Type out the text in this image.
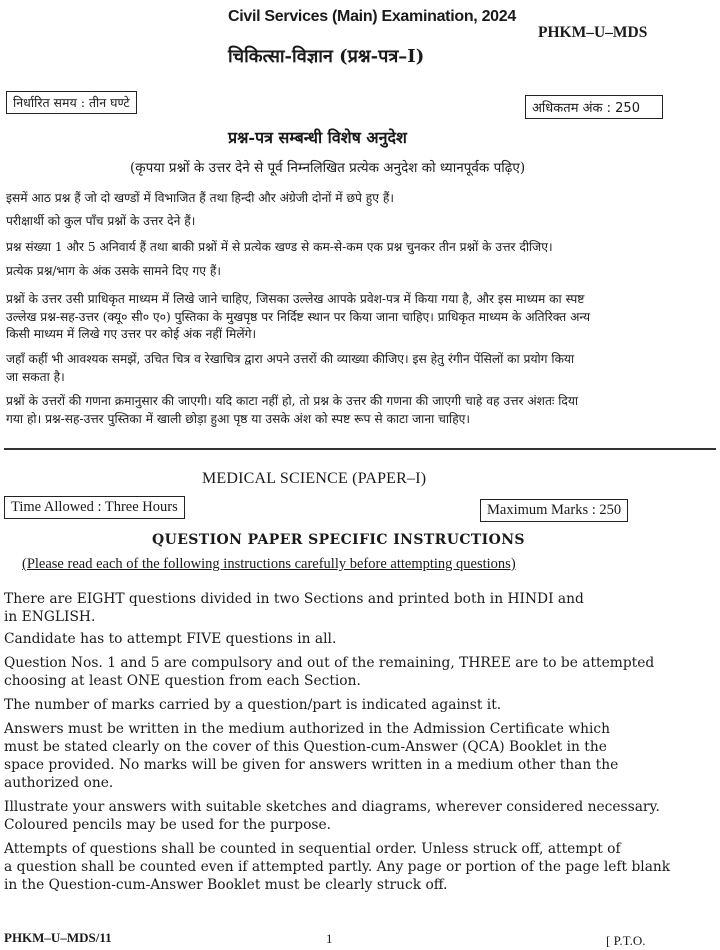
Civil Services (Main) Examination, 2024
PHKM–U–MDS
चिकित्सा-विज्ञान (प्रश्न-पत्र–I)
निर्धारित समय : तीन घण्टे	अधिकतम अंक : 250
प्रश्न-पत्र सम्बन्धी विशेष अनुदेश
(कृपया प्रश्नों के उत्तर देने से पूर्व निम्नलिखित प्रत्येक अनुदेश को ध्यानपूर्वक पढ़िए)
इसमें आठ प्रश्न हैं जो दो खण्डों में विभाजित हैं तथा हिन्दी और अंग्रेजी दोनों में छपे हुए हैं।
परीक्षार्थी को कुल पाँच प्रश्नों के उत्तर देने हैं।
प्रश्न संख्या 1 और 5 अनिवार्य हैं तथा बाकी प्रश्नों में से प्रत्येक खण्ड से कम-से-कम एक प्रश्न चुनकर तीन प्रश्नों के उत्तर दीजिए।
प्रत्येक प्रश्न/भाग के अंक उसके सामने दिए गए हैं।
प्रश्नों के उत्तर उसी प्राधिकृत माध्यम में लिखे जाने चाहिए, जिसका उल्लेख आपके प्रवेश-पत्र में किया गया है, और इस माध्यम का स्पष्ट
उल्लेख प्रश्न-सह-उत्तर (क्यू० सी० ए०) पुस्तिका के मुखपृष्ठ पर निर्दिष्ट स्थान पर किया जाना चाहिए। प्राधिकृत माध्यम के अतिरिक्त अन्य
किसी माध्यम में लिखे गए उत्तर पर कोई अंक नहीं मिलेंगे।
जहाँ कहीं भी आवश्यक समझें, उचित चित्र व रेखाचित्र द्वारा अपने उत्तरों की व्याख्या कीजिए। इस हेतु रंगीन पेंसिलों का प्रयोग किया
जा सकता है।
प्रश्नों के उत्तरों की गणना क्रमानुसार की जाएगी। यदि काटा नहीं हो, तो प्रश्न के उत्तर की गणना की जाएगी चाहे वह उत्तर अंशतः दिया
गया हो। प्रश्न-सह-उत्तर पुस्तिका में खाली छोड़ा हुआ पृष्ठ या उसके अंश को स्पष्ट रूप से काटा जाना चाहिए।
MEDICAL SCIENCE (PAPER–I)
Time Allowed : Three Hours	Maximum Marks : 250
QUESTION PAPER SPECIFIC INSTRUCTIONS
(Please read each of the following instructions carefully before attempting questions)
There are EIGHT questions divided in two Sections and printed both in HINDI and
in ENGLISH.
Candidate has to attempt FIVE questions in all.
Question Nos. 1 and 5 are compulsory and out of the remaining, THREE are to be attempted
choosing at least ONE question from each Section.
The number of marks carried by a question/part is indicated against it.
Answers must be written in the medium authorized in the Admission Certificate which
must be stated clearly on the cover of this Question-cum-Answer (QCA) Booklet in the
space provided. No marks will be given for answers written in a medium other than the
authorized one.
Illustrate your answers with suitable sketches and diagrams, wherever considered necessary.
Coloured pencils may be used for the purpose.
Attempts of questions shall be counted in sequential order. Unless struck off, attempt of
a question shall be counted even if attempted partly. Any page or portion of the page left blank
in the Question-cum-Answer Booklet must be clearly struck off.
PHKM–U–MDS/11	1	[ P.T.O.
